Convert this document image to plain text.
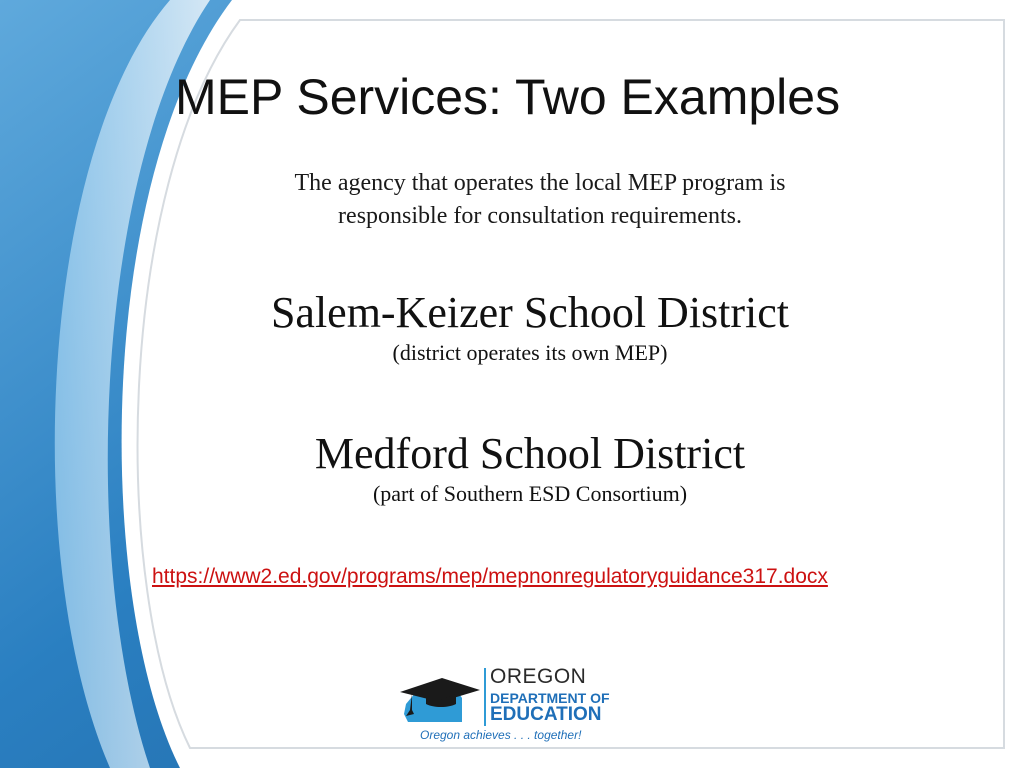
MEP Services: Two Examples
The agency that operates the local MEP program is
responsible for consultation requirements.
Salem-Keizer School District
(district operates its own MEP)
Medford School District
(part of Southern ESD Consortium)
https://www2.ed.gov/programs/mep/mepnonregulatoryguidance317.docx
OREGON
DEPARTMENT OF
EDUCATION
Oregon achieves . . . together!
